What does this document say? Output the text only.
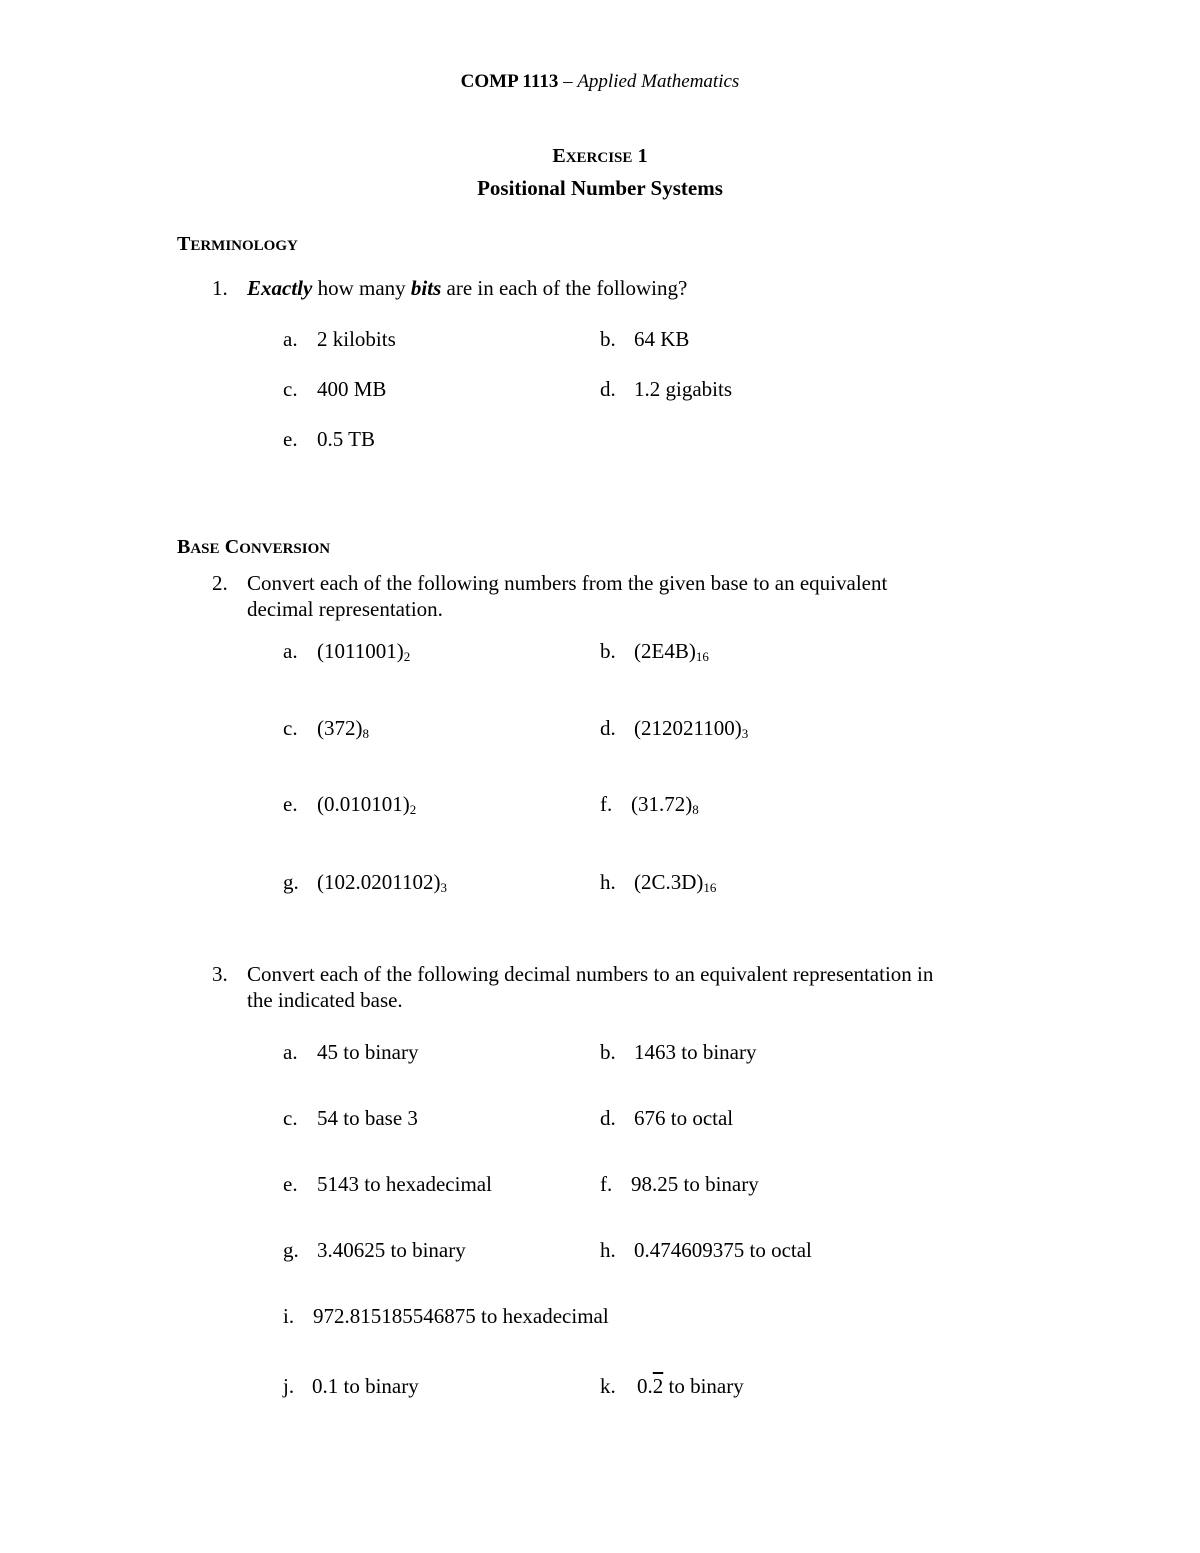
COMP 1113 – Applied Mathematics
EXERCISE 1
Positional Number Systems
TERMINOLOGY
1. Exactly how many bits are in each of the following?
a. 2 kilobits	b. 64 KB
c. 400 MB	d. 1.2 gigabits
e. 0.5 TB
BASE CONVERSION
2. Convert each of the following numbers from the given base to an equivalent
decimal representation.
a. $(1011001)_2$	b. $(2E4B)_{16}$
c. $(372)_8$	d. $(212021100)_3$
e. $(0.010101)_2$	f. $(31.72)_8$
g. $(102.0201102)_3$	h. $(2C.3D)_{16}$
3. Convert each of the following decimal numbers to an equivalent representation in
the indicated base.
a. 45 to binary	b. 1463 to binary
c. 54 to base 3	d. 676 to octal
e. 5143 to hexadecimal	f. 98.25 to binary
g. 3.40625 to binary	h. 0.474609375 to octal
i. 972.815185546875 to hexadecimal
j. 0.1 to binary	k. 0.2 to binary
